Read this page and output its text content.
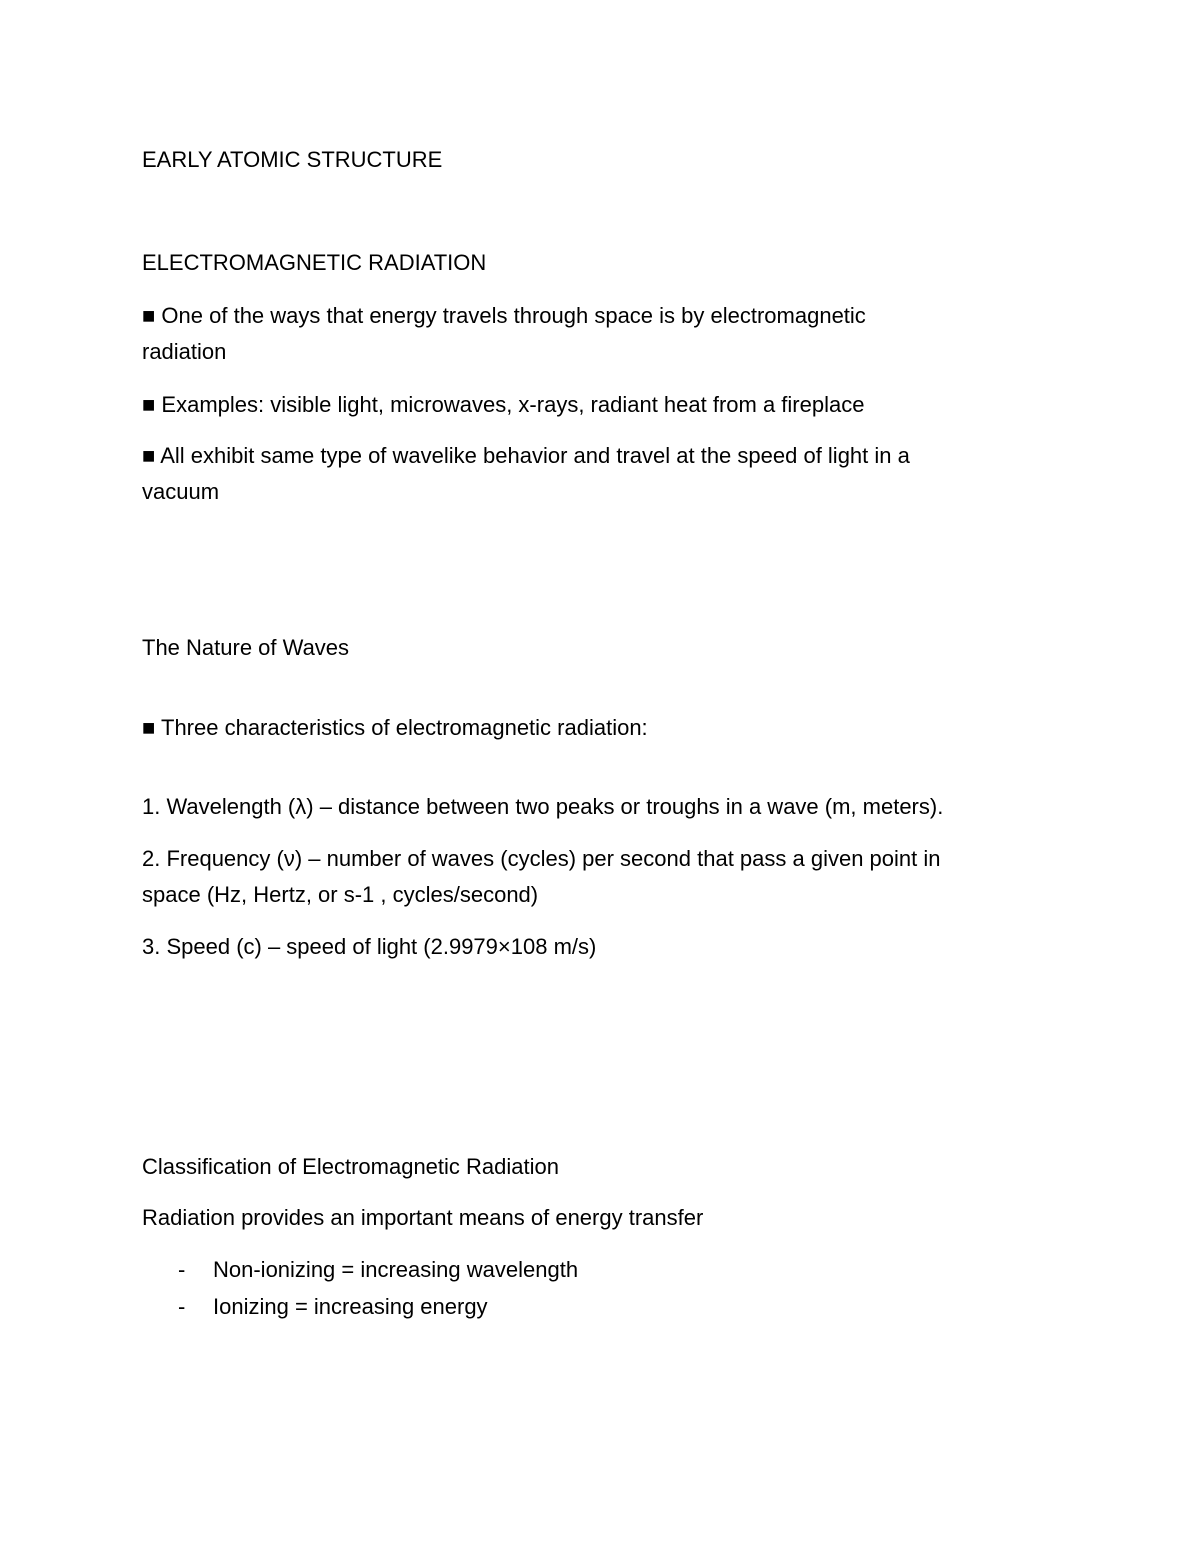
EARLY ATOMIC STRUCTURE
ELECTROMAGNETIC RADIATION
■ One of the ways that energy travels through space is by electromagnetic
radiation
■ Examples: visible light, microwaves, x-rays, radiant heat from a fireplace
■ All exhibit same type of wavelike behavior and travel at the speed of light in a
vacuum
The Nature of Waves
■ Three characteristics of electromagnetic radiation:
1. Wavelength (λ) – distance between two peaks or troughs in a wave (m, meters).
2. Frequency (ν) – number of waves (cycles) per second that pass a given point in
space (Hz, Hertz, or s-1 , cycles/second)
3. Speed (c) – speed of light (2.9979×108 m/s)
Classification of Electromagnetic Radiation
Radiation provides an important means of energy transfer
- Non-ionizing = increasing wavelength
- Ionizing = increasing energy
